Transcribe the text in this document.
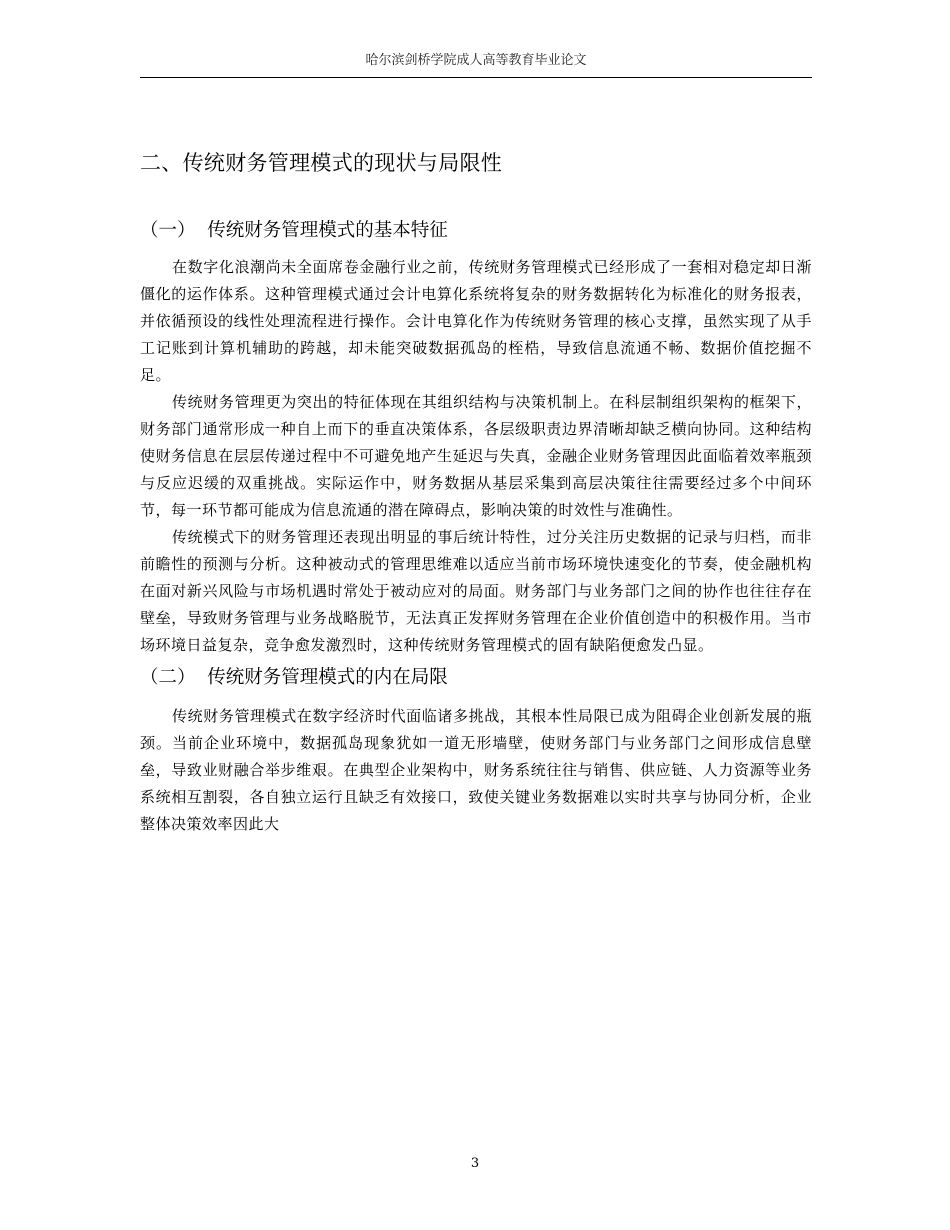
哈尔滨剑桥学院成人高等教育毕业论文
二、传统财务管理模式的现状与局限性
（一）  传统财务管理模式的基本特征

在数字化浪潮尚未全面席卷金融行业之前，传统财务管理模式已经形成了一套相对稳定却日渐僵化的运作体系。这种管理模式通过会计电算化系统将复杂的财务数据转化为标准化的财务报表，并依循预设的线性处理流程进行操作。会计电算化作为传统财务管理的核心支撑，虽然实现了从手工记账到计算机辅助的跨越，却未能突破数据孤岛的桎梏，导致信息流通不畅、数据价值挖掘不足。

传统财务管理更为突出的特征体现在其组织结构与决策机制上。在科层制组织架构的框架下，财务部门通常形成一种自上而下的垂直决策体系，各层级职责边界清晰却缺乏横向协同。这种结构使财务信息在层层传递过程中不可避免地产生延迟与失真，金融企业财务管理因此面临着效率瓶颈与反应迟缓的双重挑战。实际运作中，财务数据从基层采集到高层决策往往需要经过多个中间环节，每一环节都可能成为信息流通的潜在障碍点，影响决策的时效性与准确性。

传统模式下的财务管理还表现出明显的事后统计特性，过分关注历史数据的记录与归档，而非前瞻性的预测与分析。这种被动式的管理思维难以适应当前市场环境快速变化的节奏，使金融机构在面对新兴风险与市场机遇时常处于被动应对的局面。财务部门与业务部门之间的协作也往往存在壁垒，导致财务管理与业务战略脱节，无法真正发挥财务管理在企业价值创造中的积极作用。当市场环境日益复杂，竞争愈发激烈时，这种传统财务管理模式的固有缺陷便愈发凸显。

（二）  传统财务管理模式的内在局限

传统财务管理模式在数字经济时代面临诸多挑战，其根本性局限已成为阻碍企业创新发展的瓶颈。当前企业环境中，数据孤岛现象犹如一道无形墙壁，使财务部门与业务部门之间形成信息壁垒，导致业财融合举步维艰。在典型企业架构中，财务系统往往与销售、供应链、人力资源等业务系统相互割裂，各自独立运行且缺乏有效接口，致使关键业务数据难以实时共享与协同分析，企业整体决策效率因此大

3
